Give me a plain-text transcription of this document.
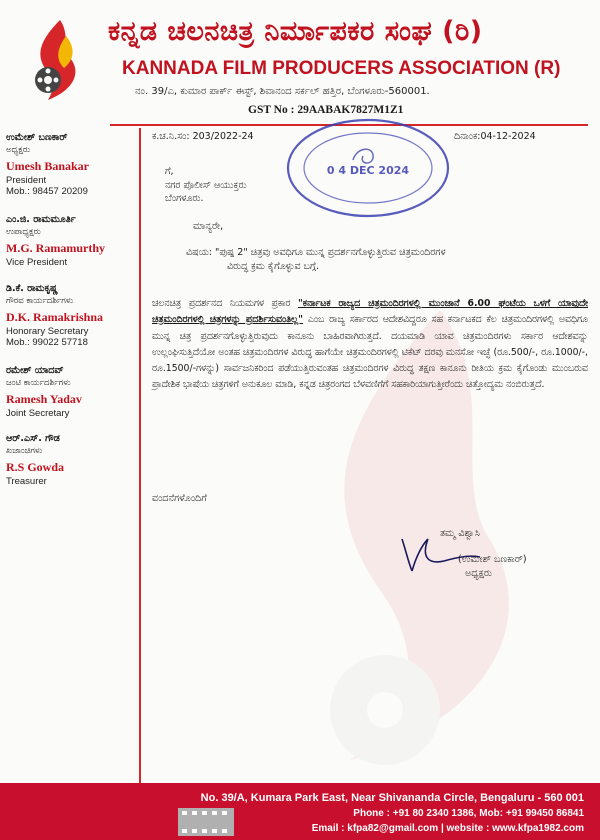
ಕನ್ನಡ ಚಲನಚಿತ್ರ ನಿರ್ಮಾಪಕರ ಸಂಘ (ರಿ)
KANNADA FILM PRODUCERS ASSOCIATION (R)
ನಂ. 39/ಎ, ಕುಮಾರ ಪಾರ್ಕ್ ಈಸ್ಟ್, ಶಿವಾನಂದ ಸರ್ಕಲ್ ಹತ್ತಿರ, ಬೆಂಗಳೂರು-560001.
GST No : 29AABAK7827M1Z1
ಉಮೇಶ್ ಬಣಕಾರ್
ಅಧ್ಯಕ್ಷರು
Umesh Banakar
President
Mob.: 98457 20209
ಎಂ.ಜಿ. ರಾಮಮೂರ್ತಿ
ಉಪಾಧ್ಯಕ್ಷರು
M.G. Ramamurthy
Vice President
ಡಿ.ಕೆ. ರಾಮಕೃಷ್ಣ
ಗೌರವ ಕಾರ್ಯದರ್ಶಿಗಳು
D.K. Ramakrishna
Honorary Secretary
Mob.: 99022 57718
ರಮೇಶ್ ಯಾದವ್
ಜಂಟಿ ಕಾರ್ಯದರ್ಶಿಗಳು
Ramesh Yadav
Joint Secretary
ಆರ್.ಎಸ್. ಗೌಡ
ಖಜಾಂಚಿಗಳು
R.S Gowda
Treasurer
0 4 DEC 2024
ಕ.ಚ.ನಿ.ಸಂ: 203/2022-24	ದಿನಾಂಕ:04-12-2024
ಗೆ,
ನಗರ ಪೊಲೀಸ್ ಆಯುಕ್ತರು
ಬೆಂಗಳೂರು.
ಮಾನ್ಯರೇ,
ವಿಷಯ: "ಪುಷ್ಪ 2" ಚಿತ್ರವು ಅವಧಿಗೂ ಮುನ್ನ ಪ್ರದರ್ಶನಗೊಳ್ಳುತ್ತಿರುವ ಚಿತ್ರಮಂದಿರಗಳ
ವಿರುದ್ಧ ಕ್ರಮ ಕೈಗೊಳ್ಳುವ ಬಗ್ಗೆ.
ಚಲನಚಿತ್ರ ಪ್ರದರ್ಶನದ ನಿಯಮಗಳ ಪ್ರಕಾರ "ಕರ್ನಾಟಕ ರಾಜ್ಯದ ಚಿತ್ರಮಂದಿರಗಳಲ್ಲಿ ಮುಂಜಾನೆ 6.00 ಘಂಟೆಯ ಒಳಗೆ ಯಾವುದೇ ಚಿತ್ರಮಂದಿರಗಳಲ್ಲಿ ಚಿತ್ರಗಳನ್ನು ಪ್ರದರ್ಶಿಸುವಂತಿಲ್ಲ" ಎಂಬ ರಾಜ್ಯ ಸರ್ಕಾರದ ಆದೇಶವಿದ್ದರೂ ಸಹ ಕರ್ನಾಟಕದ ಕೆಲ ಚಿತ್ರಮಂದಿರಗಳಲ್ಲಿ ಅವಧಿಗೂ ಮುನ್ನ ಚಿತ್ರ ಪ್ರದರ್ಶನಗೊಳ್ಳುತ್ತಿರುವುದು ಕಾನೂನು ಬಾಹಿರವಾಗಿರುತ್ತದೆ. ದಯಮಾಡಿ ಯಾವ ಚಿತ್ರಮಂದಿರಗಳು ಸರ್ಕಾರ ಆದೇಶವನ್ನು ಉಲ್ಲಂಘಿಸುತ್ತಿದೆಯೋ ಅಂತಹ ಚಿತ್ರಮಂದಿರಗಳ ವಿರುದ್ಧ ಹಾಗೆಯೇ ಚಿತ್ರಮಂದಿರಗಳಲ್ಲಿ ಟಿಕೆಟ್ ದರವು ಮನಸೋ ಇಚ್ಛೆ (ರೂ.500/-, ರೂ.1000/-, ರೂ.1500/-ಗಳನ್ನು) ಸಾರ್ವಜನಿಕರಿಂದ ಪಡೆಯುತ್ತಿರುವಂತಹ ಚಿತ್ರಮಂದಿರಗಳ ವಿರುದ್ಧ ತಕ್ಷಣ ಕಾನೂನು ರೀತಿಯ ಕ್ರಮ ಕೈಗೊಂಡು ಮುಂಬರುವ ಪ್ರಾದೇಶಿಕ ಭಾಷೆಯ ಚಿತ್ರಗಳಿಗೆ ಅನುಕೂಲ ಮಾಡಿ, ಕನ್ನಡ ಚಿತ್ರರಂಗದ ಬೆಳವಣಿಗೆಗೆ ಸಹಕಾರಿಯಾಗುತ್ತೀರೆಂದು ಚಿತ್ತೋದ್ಯಮ ನಂಬಿರುತ್ತದೆ.
ವಂದನೆಗಳೊಂದಿಗೆ
ತಮ್ಮ ವಿಶ್ವಾಸಿ
(ಉಮೇಶ್ ಬಣಕಾರ್)
ಅಧ್ಯಕ್ಷರು
No. 39/A, Kumara Park East, Near Shivananda Circle, Bengaluru - 560 001
Phone : +91 80 2340 1386, Mob: +91 99450 86841
Email : kfpa82@gmail.com | website : www.kfpa1982.com
